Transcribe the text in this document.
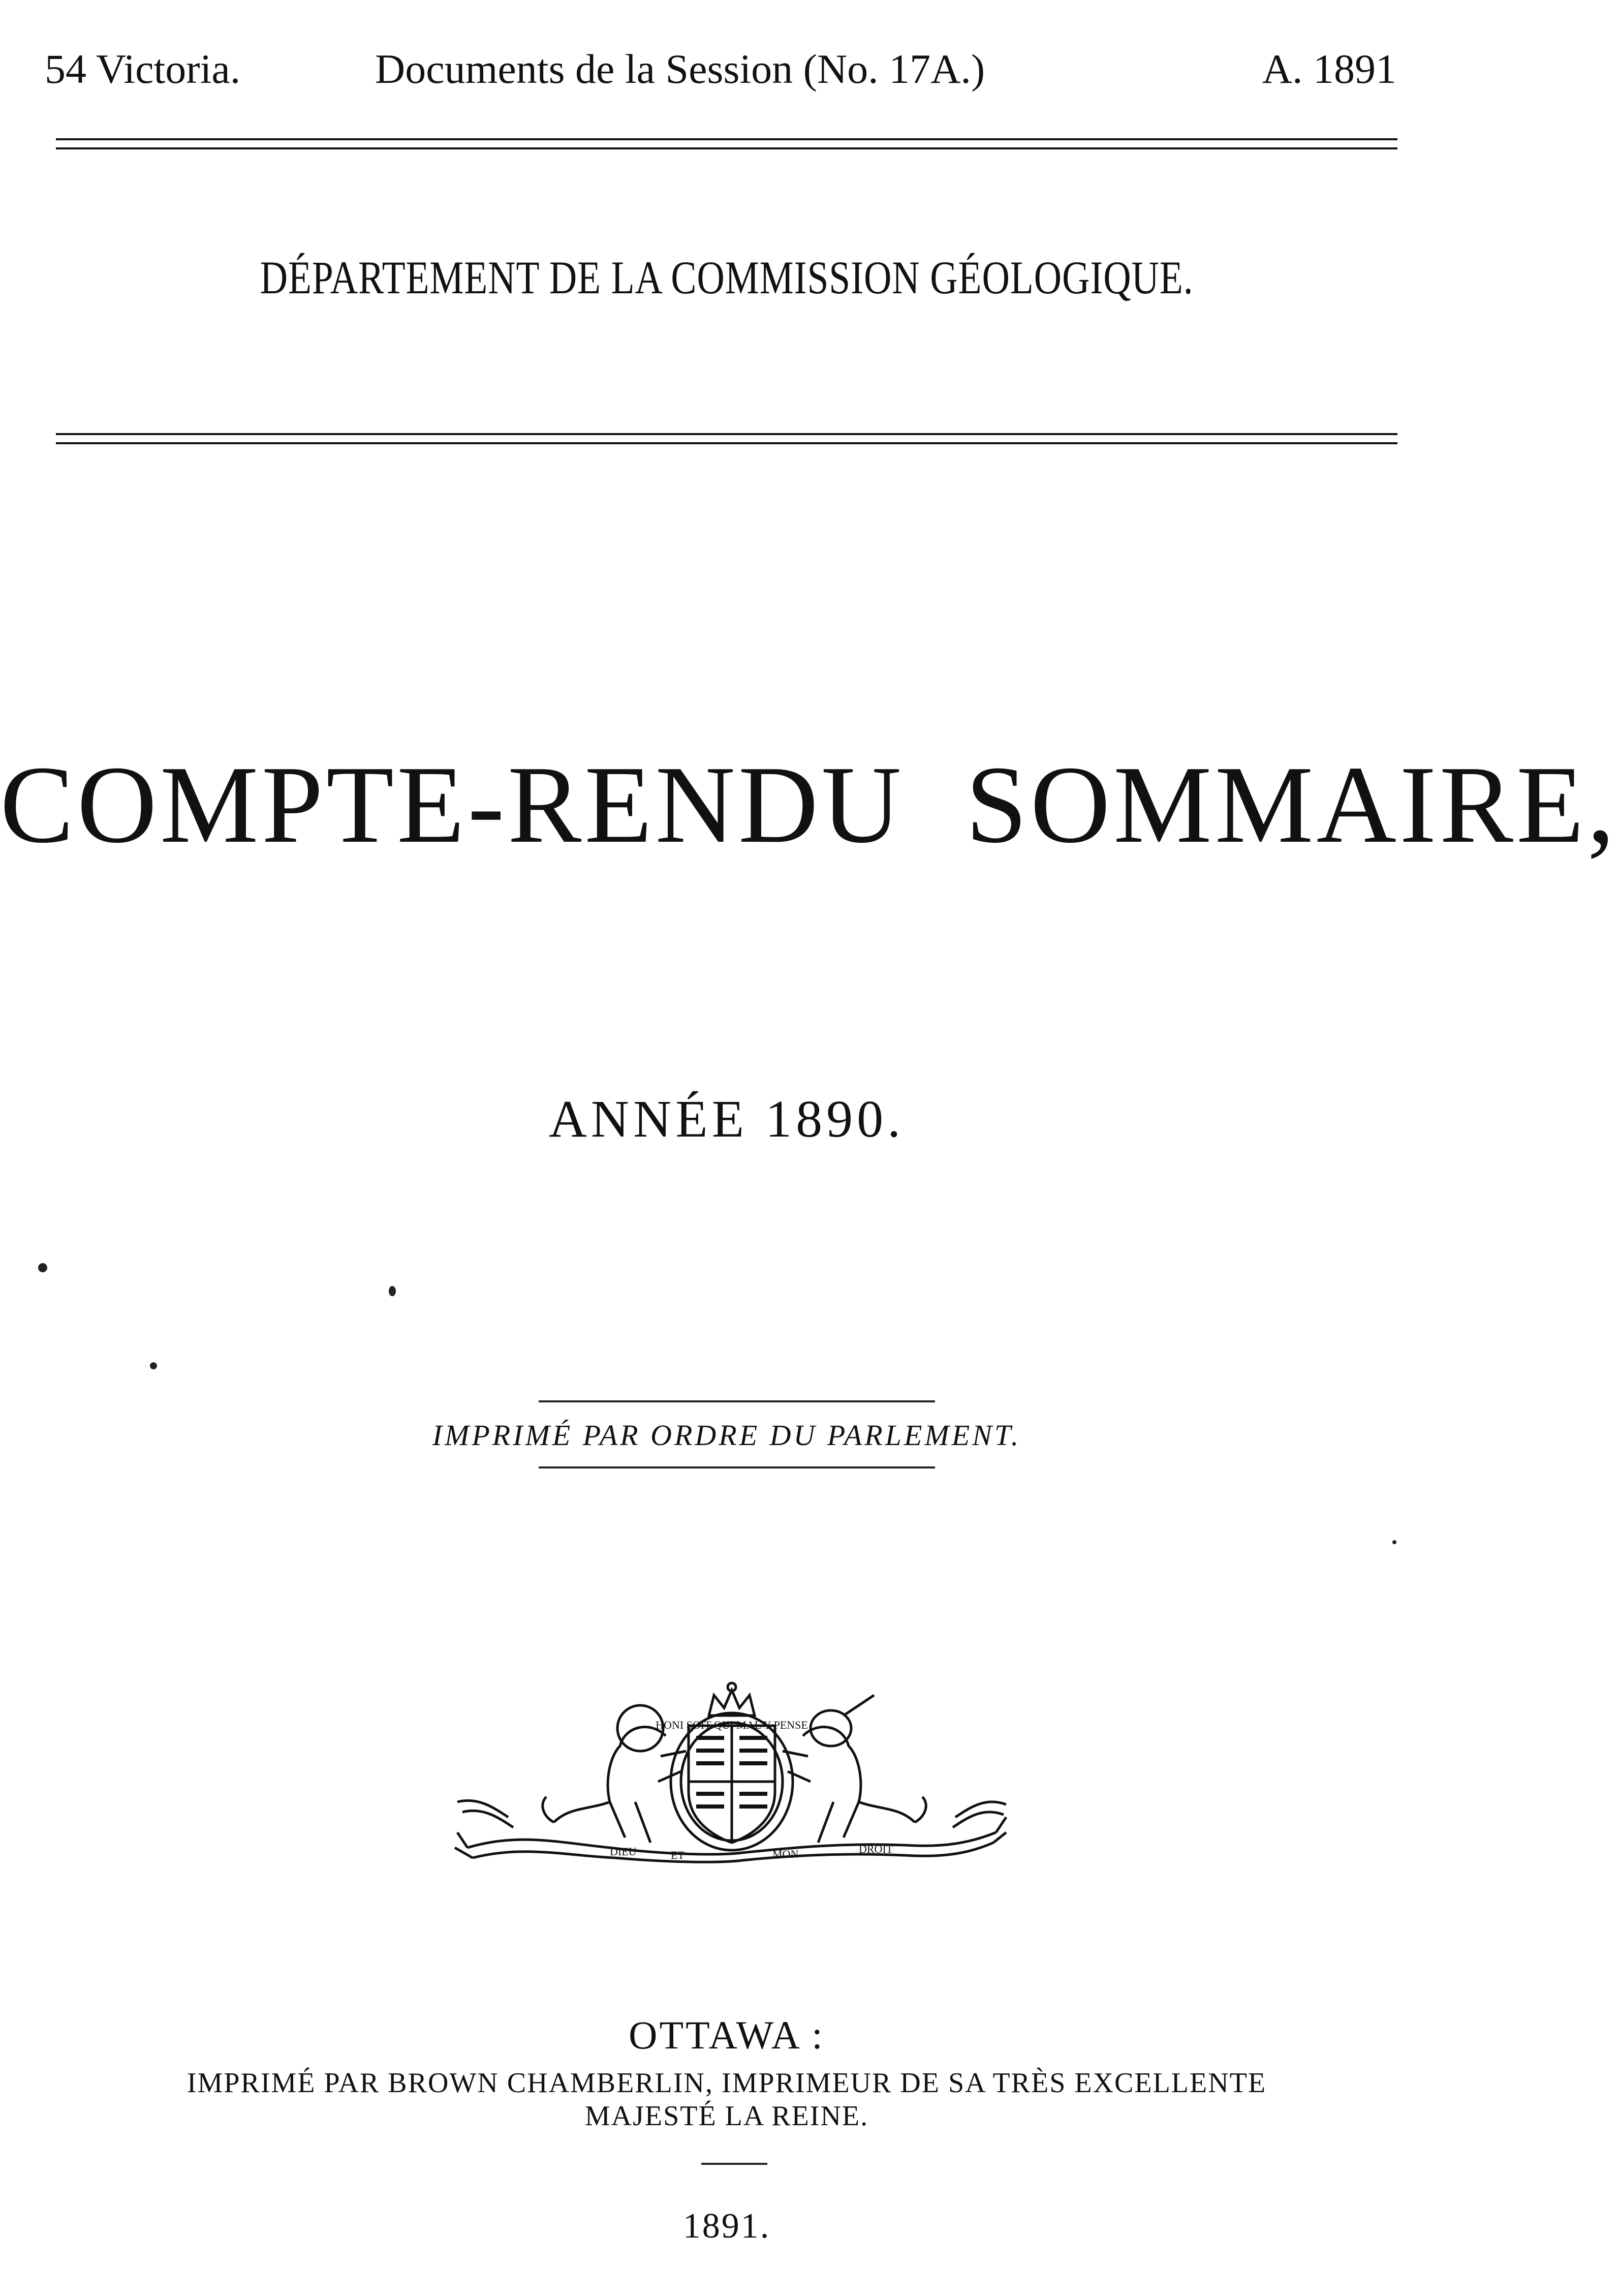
54 Victoria.	Documents de la Session (No. 17A.)	A. 1891
DÉPARTEMENT DE LA COMMISSION GÉOLOGIQUE.
COMPTE-RENDU SOMMAIRE,
ANNÉE 1890.
IMPRIMÉ PAR ORDRE DU PARLEMENT.
HONI SOIT QUI MAL Y PENSE
DIEU	ET	MON	DROIT
OTTAWA :
IMPRIMÉ PAR BROWN CHAMBERLIN, IMPRIMEUR DE SA TRÈS EXCELLENTE
MAJESTÉ LA REINE.
1891.
